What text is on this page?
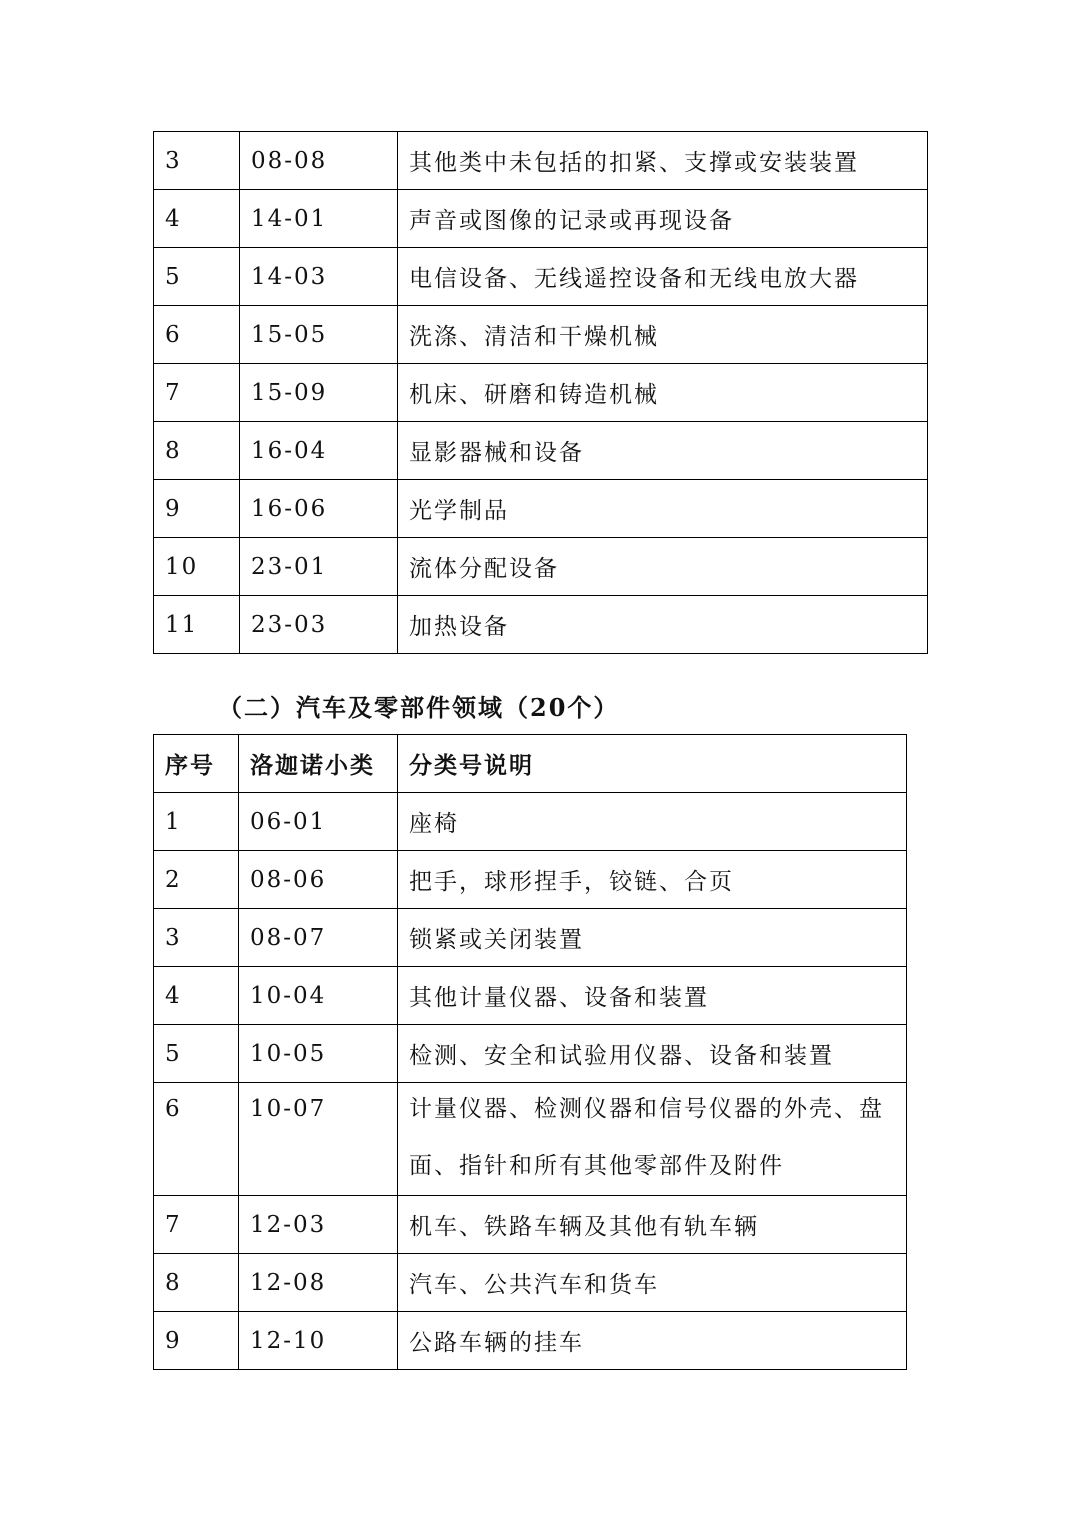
3	08-08	其他类中未包括的扣紧、支撑或安装装置
4	14-01	声音或图像的记录或再现设备
5	14-03	电信设备、无线遥控设备和无线电放大器
6	15-05	洗涤、清洁和干燥机械
7	15-09	机床、研磨和铸造机械
8	16-04	显影器械和设备
9	16-06	光学制品
10	23-01	流体分配设备
11	23-03	加热设备
（二）汽车及零部件领域（20个）
序号	洛迦诺小类	分类号说明
1	06-01	座椅
2	08-06	把手，球形捏手，铰链、合页
3	08-07	锁紧或关闭装置
4	10-04	其他计量仪器、设备和装置
5	10-05	检测、安全和试验用仪器、设备和装置

6	10-07	计量仪器、检测仪器和信号仪器的外壳、盘面、指针和所有其他零部件及附件

7	12-03	机车、铁路车辆及其他有轨车辆
8	12-08	汽车、公共汽车和货车
9	12-10	公路车辆的挂车
